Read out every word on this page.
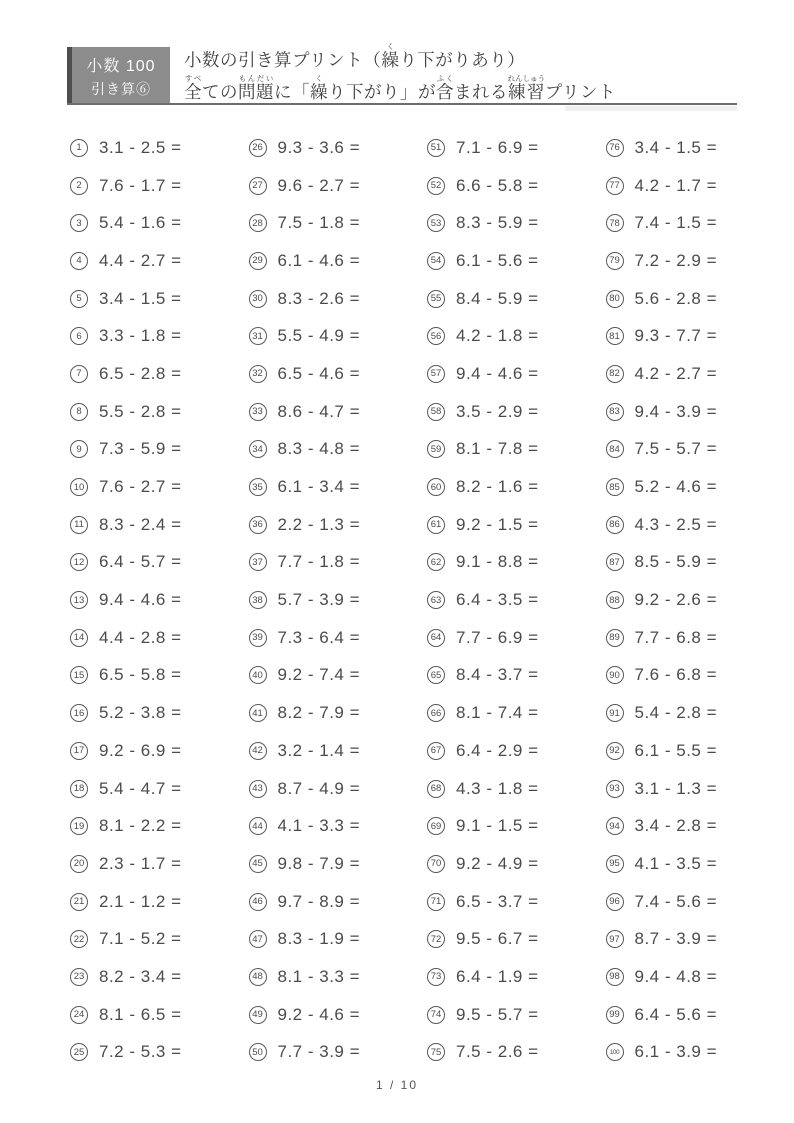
小数 100
引き算⑥
小数の引き算プリント（繰くり下がりあり）
全すべての問題もんだいに「繰くり下がり」が含ふくまれる練習れんしゅうプリント
1	3.1 - 2.5 =
2	7.6 - 1.7 =
3	5.4 - 1.6 =
4	4.4 - 2.7 =
5	3.4 - 1.5 =
6	3.3 - 1.8 =
7	6.5 - 2.8 =
8	5.5 - 2.8 =
9	7.3 - 5.9 =
10 7.6 - 2.7 =
11 8.3 - 2.4 =
12 6.4 - 5.7 =
13 9.4 - 4.6 =
14 4.4 - 2.8 =
15 6.5 - 5.8 =
16 5.2 - 3.8 =
17 9.2 - 6.9 =
18 5.4 - 4.7 =
19 8.1 - 2.2 =
20 2.3 - 1.7 =
21 2.1 - 1.2 =
22 7.1 - 5.2 =
23 8.2 - 3.4 =
24 8.1 - 6.5 =
25 7.2 - 5.3 =
26 9.3 - 3.6 =
27 9.6 - 2.7 =
28 7.5 - 1.8 =
29 6.1 - 4.6 =
30 8.3 - 2.6 =
31 5.5 - 4.9 =
32 6.5 - 4.6 =
33 8.6 - 4.7 =
34 8.3 - 4.8 =
35 6.1 - 3.4 =
36 2.2 - 1.3 =
37 7.7 - 1.8 =
38 5.7 - 3.9 =
39 7.3 - 6.4 =
40 9.2 - 7.4 =
41 8.2 - 7.9 =
42 3.2 - 1.4 =
43 8.7 - 4.9 =
44 4.1 - 3.3 =
45 9.8 - 7.9 =
46 9.7 - 8.9 =
47 8.3 - 1.9 =
48 8.1 - 3.3 =
49 9.2 - 4.6 =
50 7.7 - 3.9 =
51 7.1 - 6.9 =
52 6.6 - 5.8 =
53 8.3 - 5.9 =
54 6.1 - 5.6 =
55 8.4 - 5.9 =
56 4.2 - 1.8 =
57 9.4 - 4.6 =
58 3.5 - 2.9 =
59 8.1 - 7.8 =
60 8.2 - 1.6 =
61 9.2 - 1.5 =
62 9.1 - 8.8 =
63 6.4 - 3.5 =
64 7.7 - 6.9 =
65 8.4 - 3.7 =
66 8.1 - 7.4 =
67 6.4 - 2.9 =
68 4.3 - 1.8 =
69 9.1 - 1.5 =
70 9.2 - 4.9 =
71 6.5 - 3.7 =
72 9.5 - 6.7 =
73 6.4 - 1.9 =
74 9.5 - 5.7 =
75 7.5 - 2.6 =
76 3.4 - 1.5 =
77 4.2 - 1.7 =
78 7.4 - 1.5 =
79 7.2 - 2.9 =
80 5.6 - 2.8 =
81 9.3 - 7.7 =
82 4.2 - 2.7 =
83 9.4 - 3.9 =
84 7.5 - 5.7 =
85 5.2 - 4.6 =
86 4.3 - 2.5 =
87 8.5 - 5.9 =
88 9.2 - 2.6 =
89 7.7 - 6.8 =
90 7.6 - 6.8 =
91 5.4 - 2.8 =
92 6.1 - 5.5 =
93 3.1 - 1.3 =
94 3.4 - 2.8 =
95 4.1 - 3.5 =
96 7.4 - 5.6 =
97 8.7 - 3.9 =
98 9.4 - 4.8 =
99 6.4 - 5.6 =
100 6.1 - 3.9 =
1 / 10
